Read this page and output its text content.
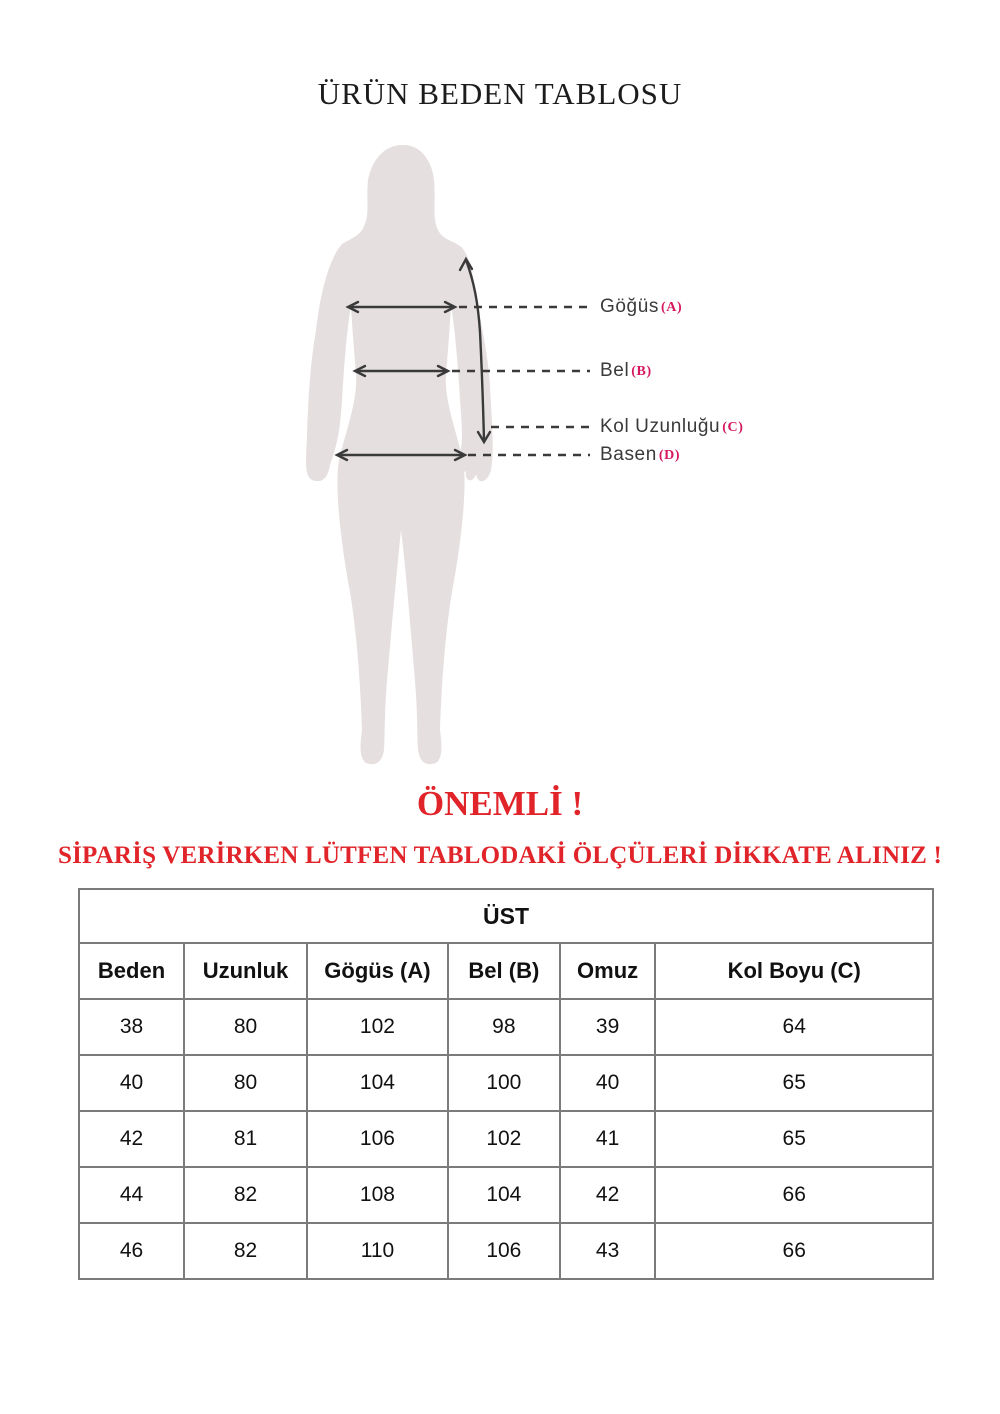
ÜRÜN BEDEN TABLOSU
Göğüs (A)
Bel (B)
Kol Uzunluğu (C)
Basen (D)
ÖNEMLİ !
SİPARİŞ VERİRKEN LÜTFEN TABLODAKİ ÖLÇÜLERİ DİKKATE ALINIZ !
ÜST					
Beden	Uzunluk	Gögüs (A)	Bel (B)	Omuz	Kol Boyu (C)
38	80	102	98	39	64
40	80	104	100	40	65
42	81	106	102	41	65
44	82	108	104	42	66
46	82	110	106	43	66
